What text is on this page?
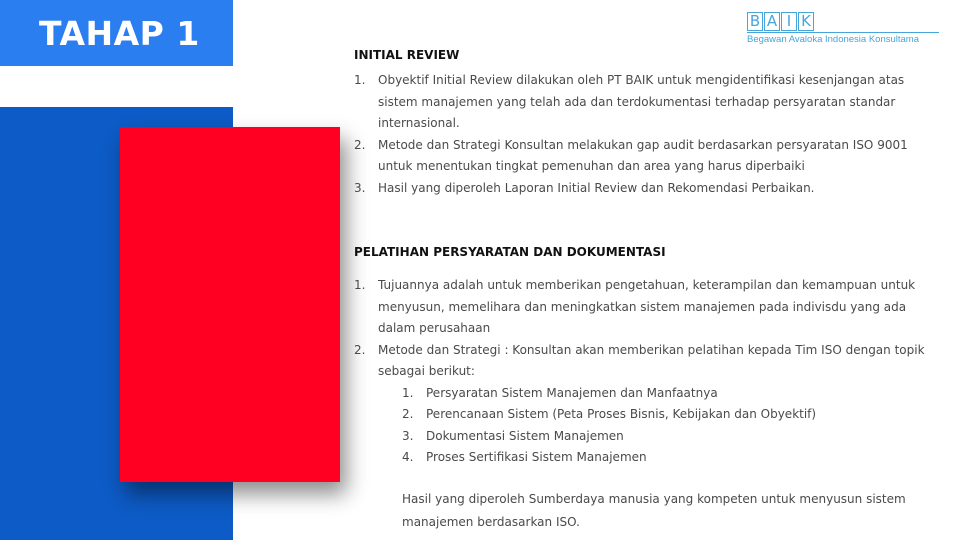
TAHAP 1	B A I K
Begawan Avaloka Indonesia Konsultama
INITIAL REVIEW
1. Obyektif Initial Review dilakukan oleh PT BAIK untuk mengidentifikasi kesenjangan atas sistem manajemen yang telah ada dan terdokumentasi terhadap persyaratan standar internasional.
2. Metode dan Strategi Konsultan melakukan gap audit berdasarkan persyaratan ISO 9001 untuk menentukan tingkat pemenuhan dan area yang harus diperbaiki
3. Hasil yang diperoleh Laporan Initial Review dan Rekomendasi Perbaikan.
PELATIHAN PERSYARATAN DAN DOKUMENTASI
1. Tujuannya adalah untuk memberikan pengetahuan, keterampilan dan kemampuan untuk menyusun, memelihara dan meningkatkan sistem manajemen pada indivisdu yang ada dalam perusahaan
2. Metode dan Strategi : Konsultan akan memberikan pelatihan kepada Tim ISO dengan topik sebagai berikut:
1. Persyaratan Sistem Manajemen dan Manfaatnya
2. Perencanaan Sistem (Peta Proses Bisnis, Kebijakan dan Obyektif)
3. Dokumentasi Sistem Manajemen
4. Proses Sertifikasi Sistem Manajemen
Hasil yang diperoleh Sumberdaya manusia yang kompeten untuk menyusun sistem manajemen berdasarkan ISO.
